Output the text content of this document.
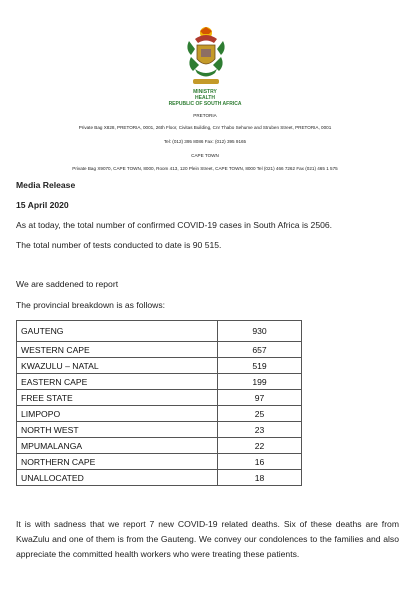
MINISTRY
HEALTH
REPUBLIC OF SOUTH AFRICA
PRETORIA
Private Bag X828, PRETORIA, 0001, 26th Floor, Civitas Building, Cnr Thabo Sehume and Struben Street, PRETORIA, 0001
Tel: (012) 395 8086 Fax: (012) 395 9165
CAPE TOWN
Private Bag X9070, CAPE TOWN, 8000, Room 413, 120 Plein Street, CAPE TOWN, 8000 Tel (021) 466 7262 Fax (021) 465 1 575
Media Release
15 April 2020
As at today, the total number of confirmed COVID-19 cases in South Africa is 2506.
The total number of tests conducted to date is 90 515.
We are saddened to report
The provincial breakdown is as follows:
GAUTENG	930
WESTERN CAPE	657
KWAZULU – NATAL	519
EASTERN CAPE	199
FREE STATE	97
LIMPOPO	25
NORTH WEST	23
MPUMALANGA	22
NORTHERN CAPE	16
UNALLOCATED	18
It is with sadness that we report 7 new COVID-19 related deaths. Six of these deaths are from KwaZulu and one of them is from the Gauteng. We convey our condolences to the families and also appreciate the committed health workers who were treating these patients.
